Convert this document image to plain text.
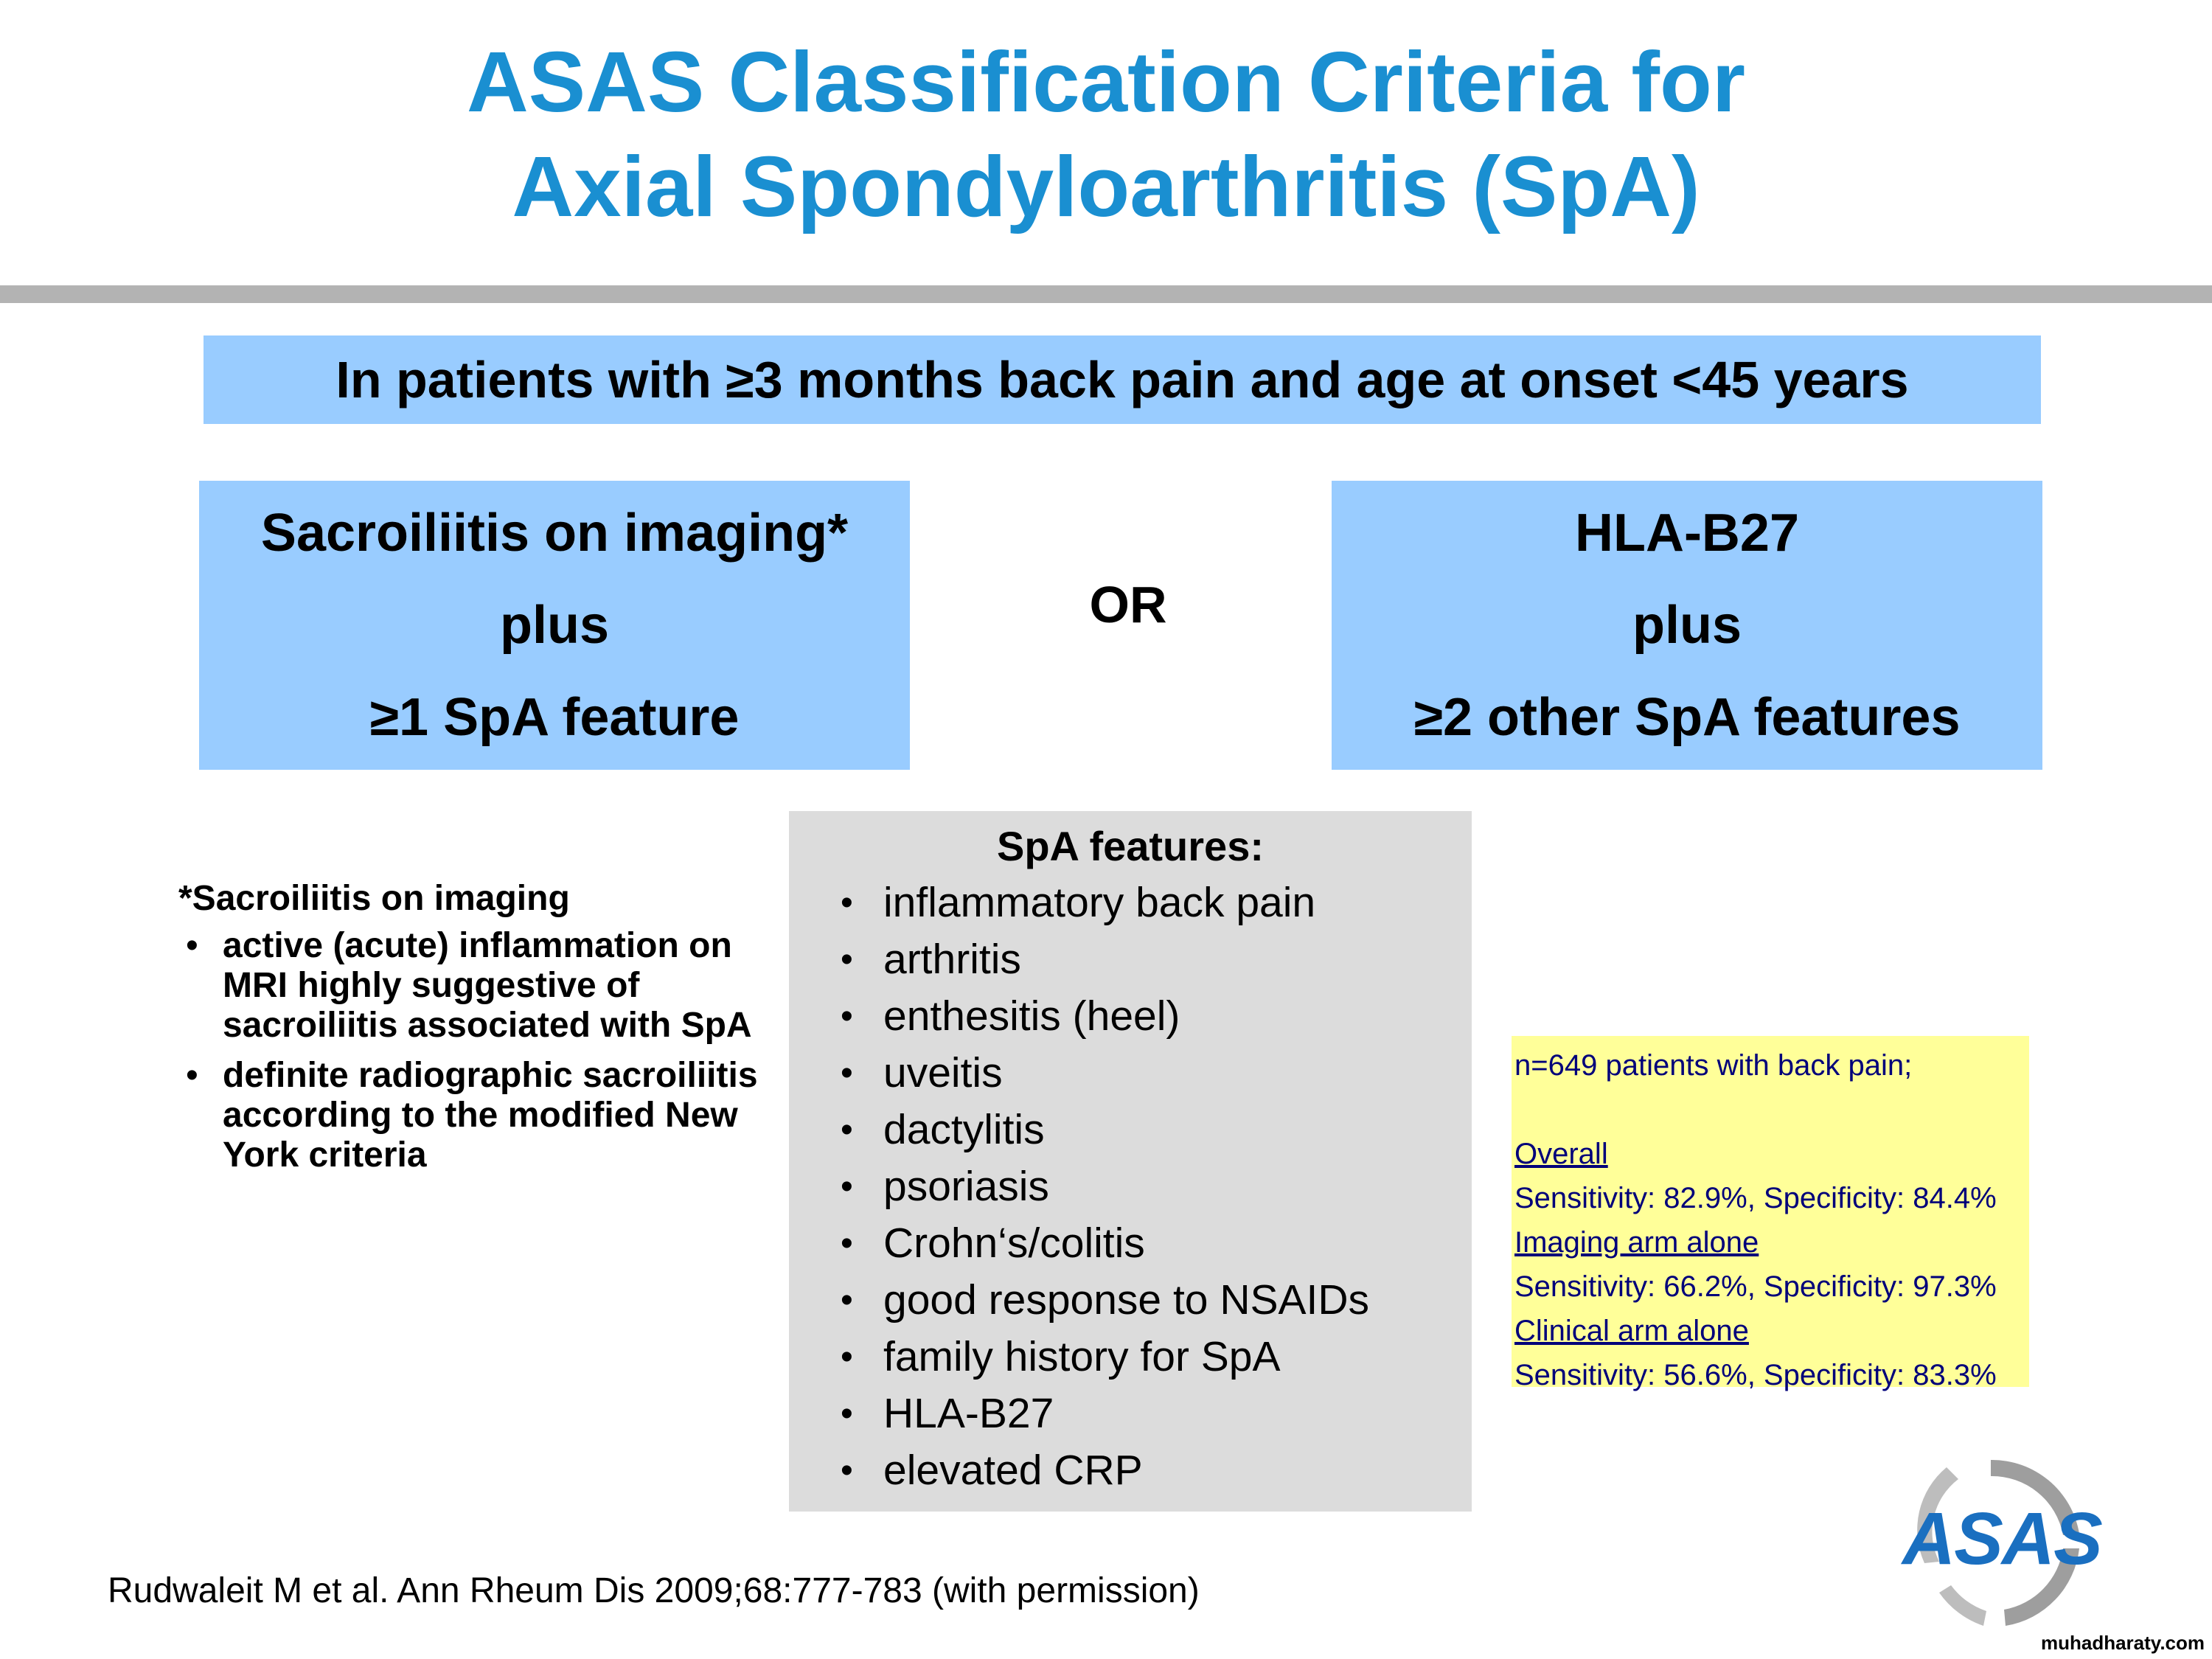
ASAS Classification Criteria for
Axial Spondyloarthritis (SpA)
In patients with ≥3 months back pain and age at onset <45 years
Sacroiliitis on imaging*
plus
≥1 SpA feature
OR
HLA-B27
plus
≥2 other SpA features
*Sacroiliitis on imaging
• active (acute) inflammation on MRI highly suggestive of sacroiliitis associated with SpA
• definite radiographic sacroiliitis according to the modified New York criteria
SpA features:
• inflammatory back pain
• arthritis
• enthesitis (heel)
• uveitis
• dactylitis
• psoriasis
• Crohn‘s/colitis
• good response to NSAIDs
• family history for SpA
• HLA-B27
• elevated CRP
n=649 patients with back pain;
Overall
Sensitivity: 82.9%, Specificity: 84.4%
Imaging arm alone
Sensitivity: 66.2%, Specificity: 97.3%
Clinical arm alone
Sensitivity: 56.6%, Specificity: 83.3%
Rudwaleit M et al. Ann Rheum Dis 2009;68:777-783 (with permission)
ASAS
muhadharaty.com
